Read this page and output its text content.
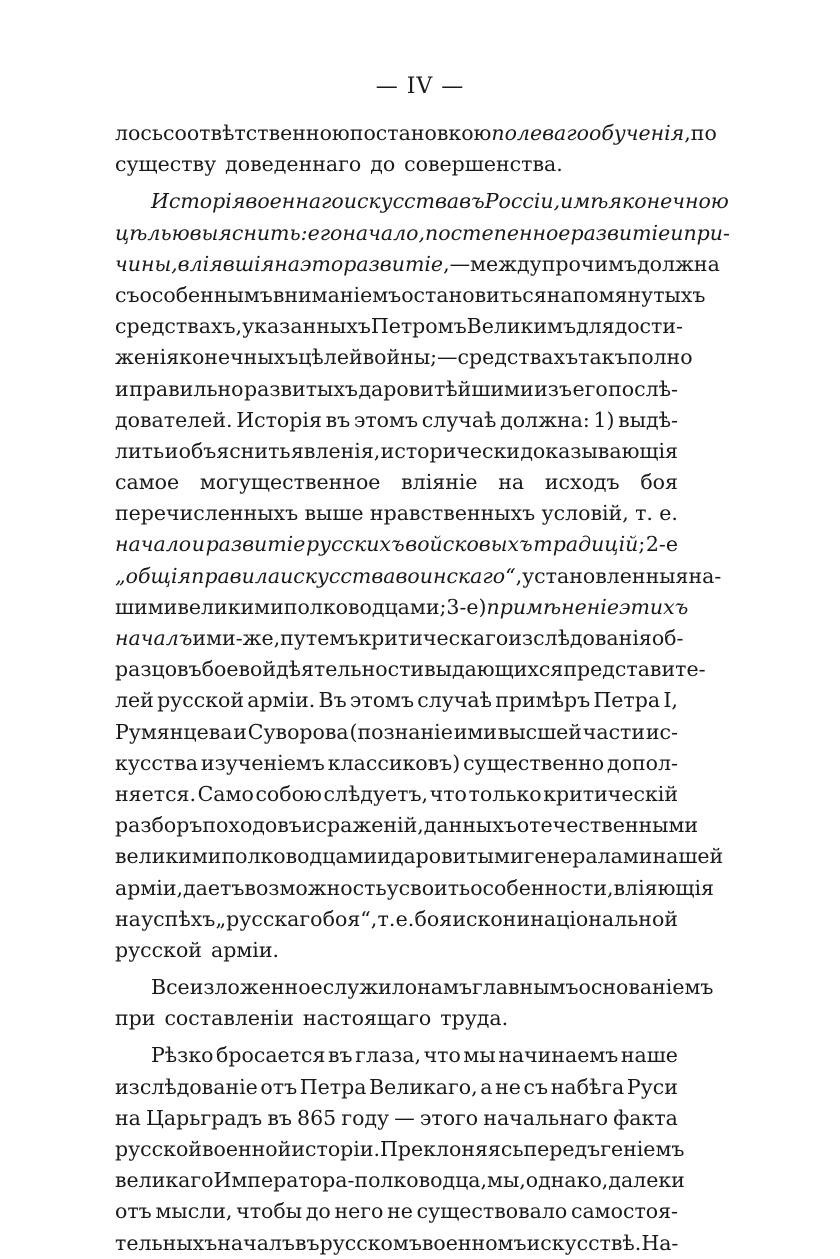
— IV —
лось соотвѣтственною постановкоюполеваго обученія, по
существу доведеннаго до совершенства.
Исторія военнаго искусства въ Россіи, имѣя конечною
цѣлью выяснить: его начало, постепенное развитіе и при-
чины, вліявшія на это развитіе,—между прочимъ должна
съ особеннымъ вниманіемъ остановиться на помянутыхъ
средствахъ, указанныхъ Петромъ Великимъ для дости-
женія конечныхъ цѣлей войны;—средствахъ такъ полно
и правильно развитыхъ даровитѣйшими изъ его послѣ-
дователей. Исторія въ этомъ случаѣ должна: 1) выдѣ-
лить и объяснить явленія, исторически доказывающія
самое могущественное вліяніе на исходъ боя
перечисленныхъ выше нравственныхъ условій, т. е.
начало и развитіе русскихъ войсковыхъ традицій; 2-е
„общія правила искусства воинскаго“, установленныя на-
шими великими полководцами; 3-е)примѣненіе этихъ
началъ ими-же, путемъ критическаго изслѣдованія об-
разцовъ боевой дѣятельности выдающихся представите-
лей русской арміи. Въ этомъ случаѣ примѣръ Петра I,
Румянцева и Суворова (познаніе ими высшей части ис-
кусства изученіемъ классиковъ) существенно допол-
няется. Само собою слѣдуетъ, что только критическій
разборъ походовъ и сраженій, данныхъ отечественными
великими полководцами и даровитыми генералами нашей
арміи, даетъ возможность усвоить особенности, вліяющія
на успѣхъ „русскаго боя“, т. е. боя искони національной
русской арміи.
Все изложенное служило намъ главнымъ основаніемъ
при составленіи настоящаго труда.
Рѣзко бросается въ глаза, что мы начинаемъ наше
изслѣдованіе отъ Петра Великаго, а не съ набѣга Руси
на Царьградъ въ 865 году — этого начальнаго факта
русской военной исторіи. Преклоняясь передъ геніемъ
великаго Императора-полководца, мы, однако, далеки
отъ мысли, чтобы до него не существовало самостоя-
тельныхъ началъ въ русскомъ военномъ искусствѣ. На-
